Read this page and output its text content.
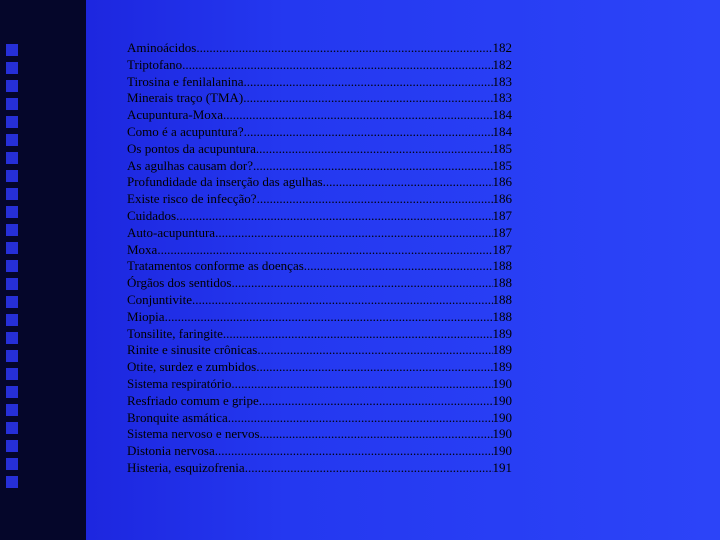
Aminoácidos .....	182
Triptofano .....	182
Tirosina e fenilalanina .....	183
Minerais traço (TMA) .....	183
Acupuntura-Moxa .....	184
Como é a acupuntura? .....	184
Os pontos da acupuntura .....	185
As agulhas causam dor? .....	185
Profundidade da inserção das agulhas .....	186
Existe risco de infecção? .....	186
Cuidados .....	187
Auto-acupuntura .....	187
Moxa .....	187
Tratamentos conforme as doenças .....	188
Órgãos dos sentidos .....	188
Conjuntivite .....	188
Miopia .....	188
Tonsilite, faringite .....	189
Rinite e sinusite crônicas .....	189
Otite, surdez e zumbidos .....	189
Sistema respiratório .....	190
Resfriado comum e gripe .....	190
Bronquite asmática .....	190
Sistema nervoso e nervos .....	190
Distonia nervosa .....	190
Histeria, esquizofrenia .....	191
